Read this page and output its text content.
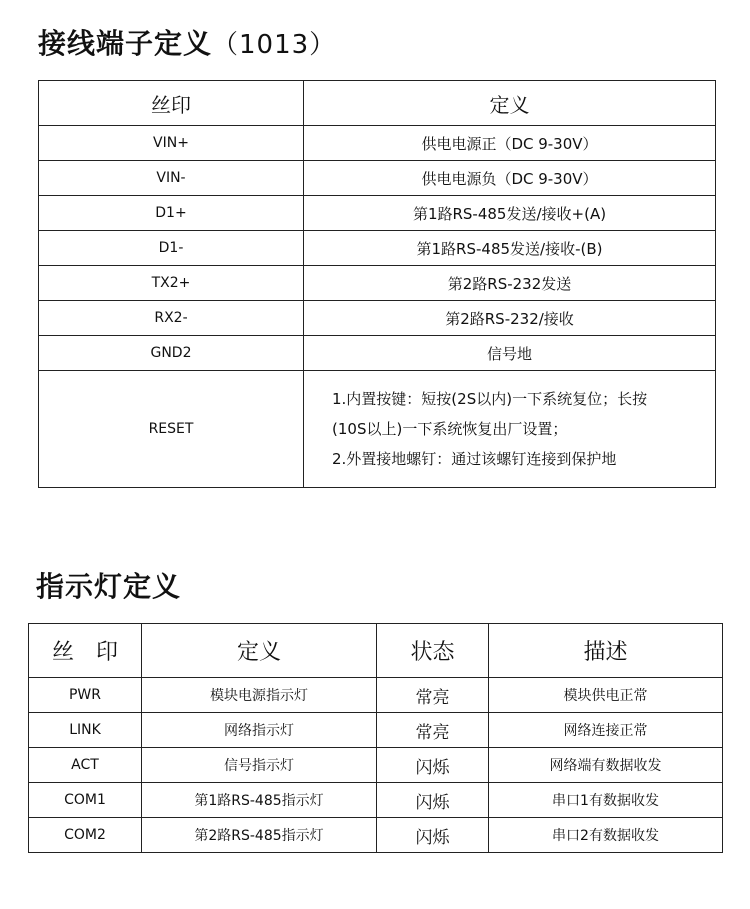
接线端子定义（1013）
丝印	定义
VIN+	供电电源正（DC 9-30V）
VIN-	供电电源负（DC 9-30V）
D1+	第1路RS-485发送/接收+(A)
D1-	第1路RS-485发送/接收-(B)
TX2+	第2路RS-232发送
RX2-	第2路RS-232/接收
GND2	信号地
RESET	1.内置按键：短按(2S以内)一下系统复位；长按
(10S以上)一下系统恢复出厂设置；
2.外置接地螺钉：通过该螺钉连接到保护地
指示灯定义
丝印	定义	状态	描述
PWR	模块电源指示灯	常亮	模块供电正常
LINK	网络指示灯	常亮	网络连接正常
ACT	信号指示灯	闪烁	网络端有数据收发
COM1	第1路RS-485指示灯	闪烁	串口1有数据收发
COM2	第2路RS-485指示灯	闪烁	串口2有数据收发
